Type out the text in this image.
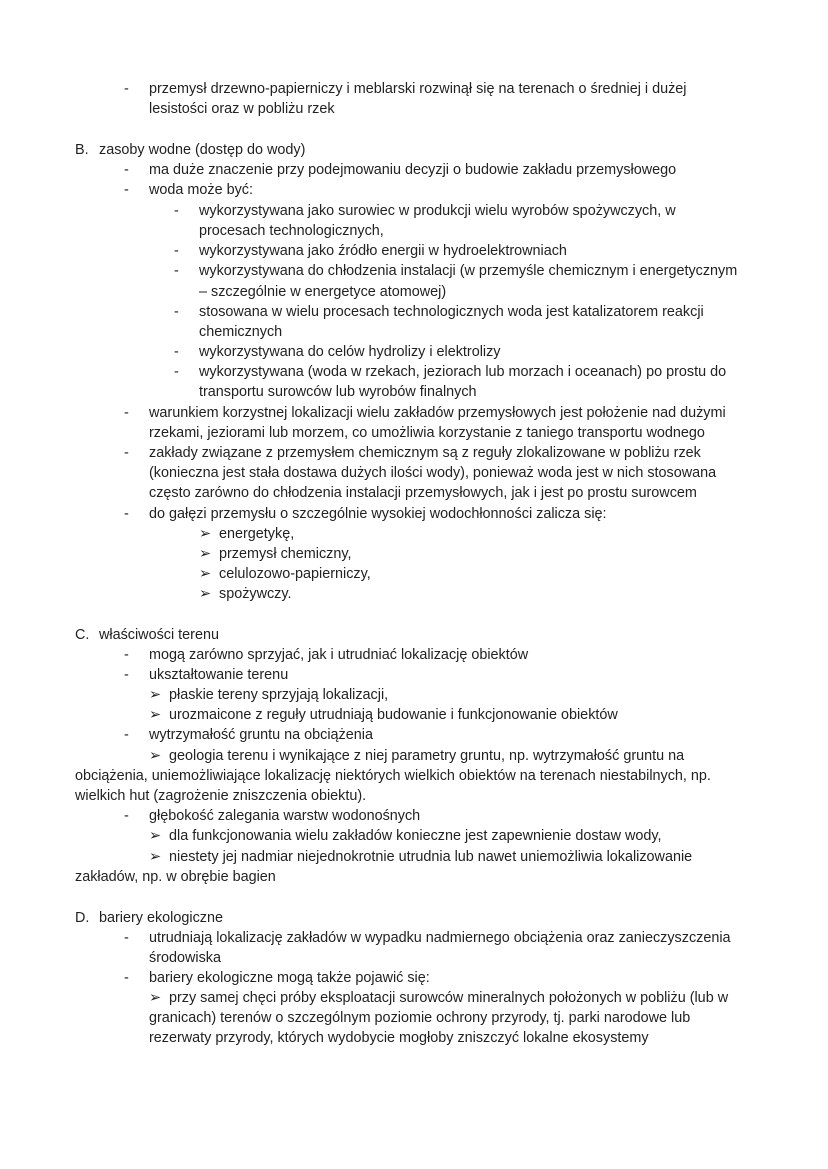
- przemysł drzewno-papierniczy i meblarski rozwinął się na terenach o średniej i dużej
lesistości oraz w pobliżu rzek
B. zasoby wodne (dostęp do wody)
- ma duże znaczenie przy podejmowaniu decyzji o budowie zakładu przemysłowego
- woda może być:
- wykorzystywana jako surowiec w produkcji wielu wyrobów spożywczych, w
procesach technologicznych,
- wykorzystywana jako źródło energii w hydroelektrowniach
- wykorzystywana do chłodzenia instalacji (w przemyśle chemicznym i energetycznym
– szczególnie w energetyce atomowej)
- stosowana w wielu procesach technologicznych woda jest katalizatorem reakcji
chemicznych
- wykorzystywana do celów hydrolizy i elektrolizy
- wykorzystywana (woda w rzekach, jeziorach lub morzach i oceanach) po prostu do
transportu surowców lub wyrobów finalnych
- warunkiem korzystnej lokalizacji wielu zakładów przemysłowych jest położenie nad dużymi
rzekami, jeziorami lub morzem, co umożliwia korzystanie z taniego transportu wodnego
- zakłady związane z przemysłem chemicznym są z reguły zlokalizowane w pobliżu rzek
(konieczna jest stała dostawa dużych ilości wody), ponieważ woda jest w nich stosowana
często zarówno do chłodzenia instalacji przemysłowych, jak i jest po prostu surowcem
- do gałęzi przemysłu o szczególnie wysokiej wodochłonności zalicza się:
➢ energetykę,
➢ przemysł chemiczny,
➢ celulozowo-papierniczy,
➢ spożywczy.
C. właściwości terenu
- mogą zarówno sprzyjać, jak i utrudniać lokalizację obiektów
- ukształtowanie terenu
➢ płaskie tereny sprzyjają lokalizacji,
➢ urozmaicone z reguły utrudniają budowanie i funkcjonowanie obiektów
- wytrzymałość gruntu na obciążenia
➢ geologia terenu i wynikające z niej parametry gruntu, np. wytrzymałość gruntu na
obciążenia, uniemożliwiające lokalizację niektórych wielkich obiektów na terenach niestabilnych, np.
wielkich hut (zagrożenie zniszczenia obiektu).
- głębokość zalegania warstw wodonośnych
➢ dla funkcjonowania wielu zakładów konieczne jest zapewnienie dostaw wody,
➢ niestety jej nadmiar niejednokrotnie utrudnia lub nawet uniemożliwia lokalizowanie
zakładów, np. w obrębie bagien
D. bariery ekologiczne
- utrudniają lokalizację zakładów w wypadku nadmiernego obciążenia oraz zanieczyszczenia
środowiska
- bariery ekologiczne mogą także pojawić się:
➢ przy samej chęci próby eksploatacji surowców mineralnych położonych w pobliżu (lub w
granicach) terenów o szczególnym poziomie ochrony przyrody, tj. parki narodowe lub
rezerwaty przyrody, których wydobycie mogłoby zniszczyć lokalne ekosystemy
